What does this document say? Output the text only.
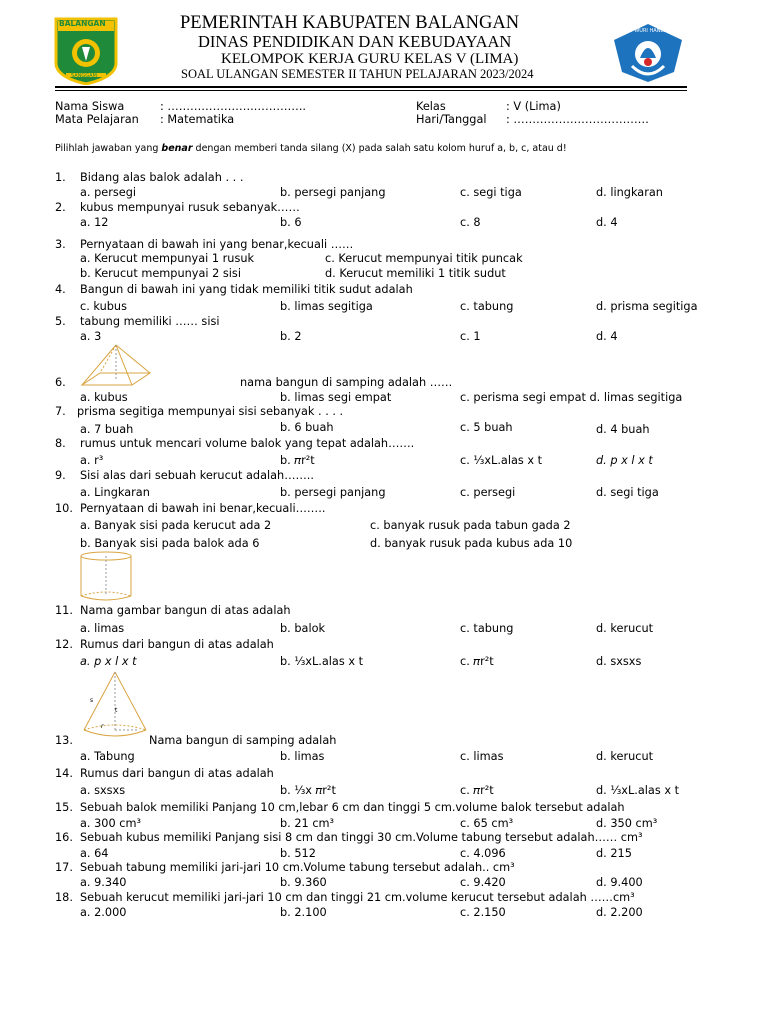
BALANGAN
SANGGAM
TUT WURI HANDAYANI
PEMERINTAH KABUPATEN BALANGAN
DINAS PENDIDIKAN DAN KEBUDAYAAN
KELOMPOK KERJA GURU KELAS V (LIMA)
SOAL ULANGAN SEMESTER II TAHUN PELAJARAN 2023/2024
Nama Siswa	: …………………..…………..
Mata Pelajaran : Matematika
Kelas	: V (Lima)
Hari/Tanggal : ………………………………
Pilihlah jawaban yang benar dengan memberi tanda silang (X) pada salah satu kolom huruf a, b, c, atau d!
1. Bidang alas balok adalah . . .
a. persegi	b. persegi panjang	c. segi tiga	d. lingkaran
2. kubus mempunyai rusuk sebanyak……
a. 12	b. 6	c. 8	d. 4
3. Pernyataan di bawah ini yang benar,kecuali ……
a. Kerucut mempunyai 1 rusuk	c. Kerucut mempunyai titik puncak
b. Kerucut mempunyai 2 sisi	d. Kerucut memiliki 1 titik sudut
4. Bangun di bawah ini yang tidak memiliki titik sudut adalah
c. kubus	b. limas segitiga	c. tabung	d. prisma segitiga
5. tabung memiliki …… sisi
a. 3	b. 2	c. 1	d. 4
6.	nama bangun di samping adalah ……
a. kubus	b. limas segi empat	c. perisma segi empat d. limas segitiga
7. prisma segitiga mempunyai sisi sebanyak . . . .
a. 7 buah	b. 6 buah	c. 5 buah	d. 4 buah
8. rumus untuk mencari volume balok yang tepat adalah…….
a. r³	b. 𝜋r²t	c. ⅓xL.alas x t	d. p x l x t
9. Sisi alas dari sebuah kerucut adalah……..
a. Lingkaran	b. persegi panjang	c. persegi	d. segi tiga
10. Pernyataan di bawah ini benar,kecuali……..
a. Banyak sisi pada kerucut ada 2	c. banyak rusuk pada tabun gada 2
b. Banyak sisi pada balok ada 6	d. banyak rusuk pada kubus ada 10
11. Nama gambar bangun di atas adalah
a. limas	b. balok	c. tabung	d. kerucut
12. Rumus dari bangun di atas adalah
a. p x l x t	b. ⅓xL.alas x t	c. 𝜋r²t	d. sxsxs
s
t
r
13.	Nama bangun di samping adalah
a. Tabung	b. limas	c. limas	d. kerucut
14. Rumus dari bangun di atas adalah
a. sxsxs	b. ⅓x 𝜋r²t	c. 𝜋r²t	d. ⅓xL.alas x t
15. Sebuah balok memiliki Panjang 10 cm,lebar 6 cm dan tinggi 5 cm.volume balok tersebut adalah
a. 300 cm³	b. 21 cm³	c. 65 cm³	d. 350 cm³
16. Sebuah kubus memiliki Panjang sisi 8 cm dan tinggi 30 cm.Volume tabung tersebut adalah…… cm³
a. 64	b. 512	c. 4.096	d. 215
17. Sebuah tabung memiliki jari-jari 10 cm.Volume tabung tersebut adalah.. cm³
a. 9.340	b. 9.360	c. 9.420	d. 9.400
18. Sebuah kerucut memiliki jari-jari 10 cm dan tinggi 21 cm.volume kerucut tersebut adalah ……cm³
a. 2.000	b. 2.100	c. 2.150	d. 2.200
